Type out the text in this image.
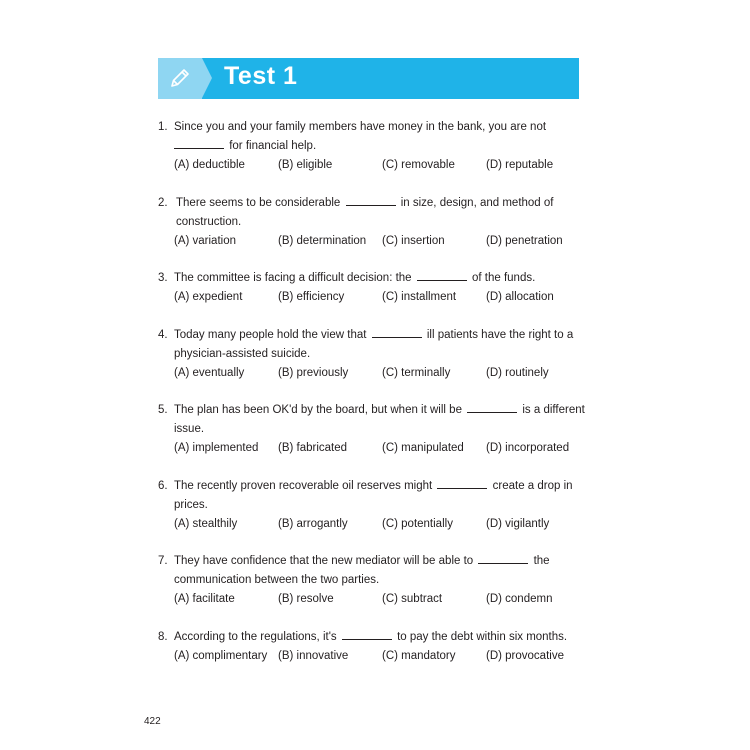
Test 1
1. Since you and your family members have money in the bank, you are not
for financial help.
(A) deductible	(B) eligible	(C) removable	(D) reputable
2. There seems to be considerable	in size, design, and method of
construction.
(A) variation	(B) determination	(C) insertion	(D) penetration
3. The committee is facing a difficult decision: the	of the funds.
(A) expedient	(B) efficiency	(C) installment	(D) allocation
4. Today many people hold the view that	ill patients have the right to a
physician-assisted suicide.
(A) eventually	(B) previously	(C) terminally	(D) routinely
5. The plan has been OK'd by the board, but when it will be	is a different
issue.
(A) implemented	(B) fabricated	(C) manipulated	(D) incorporated
6. The recently proven recoverable oil reserves might	create a drop in
prices.
(A) stealthily	(B) arrogantly	(C) potentially	(D) vigilantly
7. They have confidence that the new mediator will be able to	the
communication between the two parties.
(A) facilitate	(B) resolve	(C) subtract	(D) condemn
8. According to the regulations, it's	to pay the debt within six months.
(A) complimentary (B) innovative	(C) mandatory	(D) provocative
422
